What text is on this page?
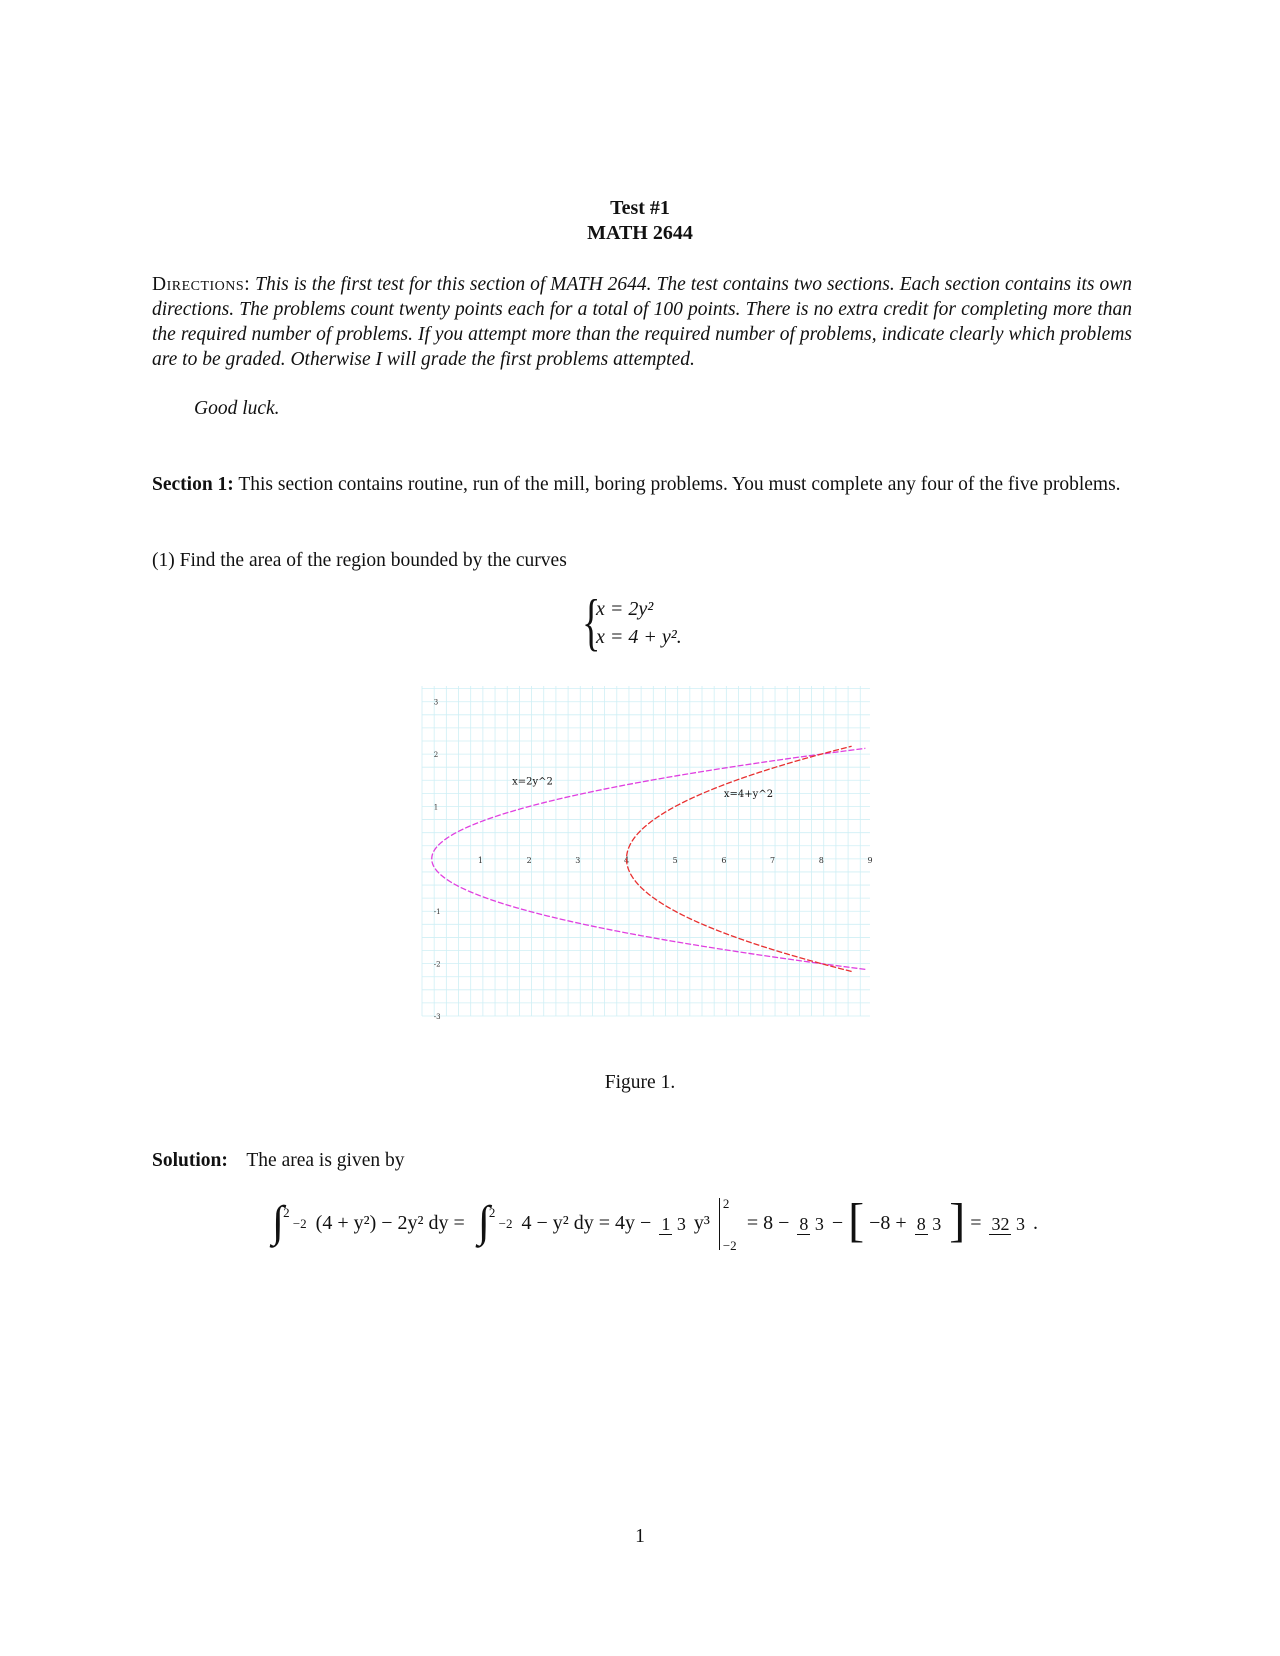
Test #1
MATH 2644
Directions: This is the first test for this section of MATH 2644. The test contains two sections. Each section contains its own directions. The problems count twenty points each for a total of 100 points. There is no extra credit for completing more than the required number of problems. If you attempt more than the required number of problems, indicate clearly which problems are to be graded. Otherwise I will grade the first problems attempted.
Good luck.
Section 1: This section contains routine, run of the mill, boring problems. You must complete any four of the five problems.
(1) Find the area of the region bounded by the curves
{
x = 2y²
x = 4 + y².
1	2	3	4	5	6	7	8	9
3
2
1
-1
-2
-3
x=2y^2
x=4+y^2
Figure 1.
Solution: The area is given by
∫ 2 −2 (4 + y²) − 2y² dy = ∫ 2 −2 4 − y² dy = 4y − 1 3 y³
2
−2
= 8 − 8 3 − [ −8 + 8 3 ] = 32 3 .
1
